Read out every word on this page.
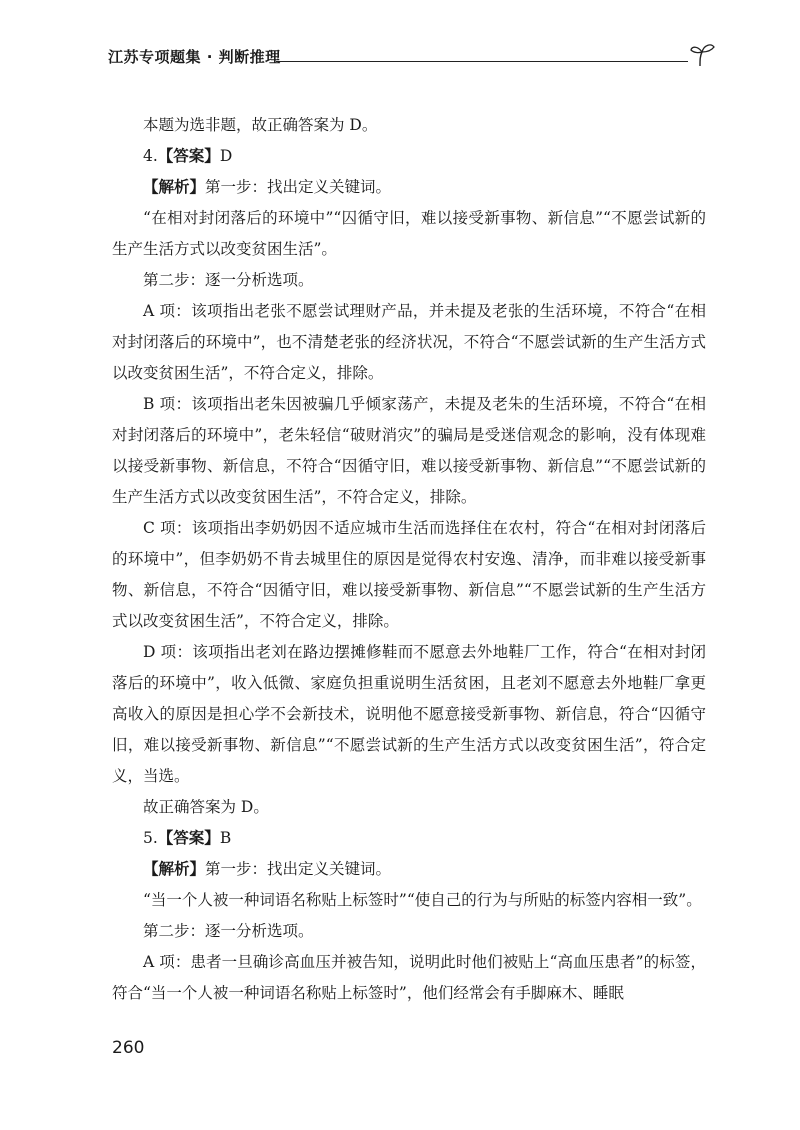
江苏专项题集 · 判断推理

本题为选非题，故正确答案为 D。

4.【答案】D

【解析】第一步：找出定义关键词。

“在相对封闭落后的环境中”“囚循守旧，难以接受新事物、新信息”“不愿尝试新的生产生活方式以改变贫困生活”。

第二步：逐一分析选项。

A 项：该项指出老张不愿尝试理财产品，并未提及老张的生活环境，不符合“在相对封闭落后的环境中”，也不清楚老张的经济状况，不符合“不愿尝试新的生产生活方式以改变贫困生活”，不符合定义，排除。

B 项：该项指出老朱因被骗几乎倾家荡产，未提及老朱的生活环境，不符合“在相对封闭落后的环境中”，老朱轻信“破财消灾”的骗局是受迷信观念的影响，没有体现难以接受新事物、新信息，不符合“因循守旧，难以接受新事物、新信息”“不愿尝试新的生产生活方式以改变贫困生活”，不符合定义，排除。

C 项：该项指出李奶奶因不适应城市生活而选择住在农村，符合“在相对封闭落后的环境中”，但李奶奶不肯去城里住的原因是觉得农村安逸、清净，而非难以接受新事物、新信息，不符合“因循守旧，难以接受新事物、新信息”“不愿尝试新的生产生活方式以改变贫困生活”，不符合定义，排除。

D 项：该项指出老刘在路边摆摊修鞋而不愿意去外地鞋厂工作，符合“在相对封闭落后的环境中”，收入低微、家庭负担重说明生活贫困，且老刘不愿意去外地鞋厂拿更高收入的原因是担心学不会新技术，说明他不愿意接受新事物、新信息，符合“囚循守旧，难以接受新事物、新信息”“不愿尝试新的生产生活方式以改变贫困生活”，符合定义，当选。

故正确答案为 D。

5.【答案】B

【解析】第一步：找出定义关键词。

“当一个人被一种词语名称贴上标签时”“使自己的行为与所贴的标签内容相一致”。

第二步：逐一分析选项。

A 项：患者一旦确诊高血压并被告知，说明此时他们被贴上“高血压患者”的标签，符合“当一个人被一种词语名称贴上标签时”，他们经常会有手脚麻木、睡眠

260
